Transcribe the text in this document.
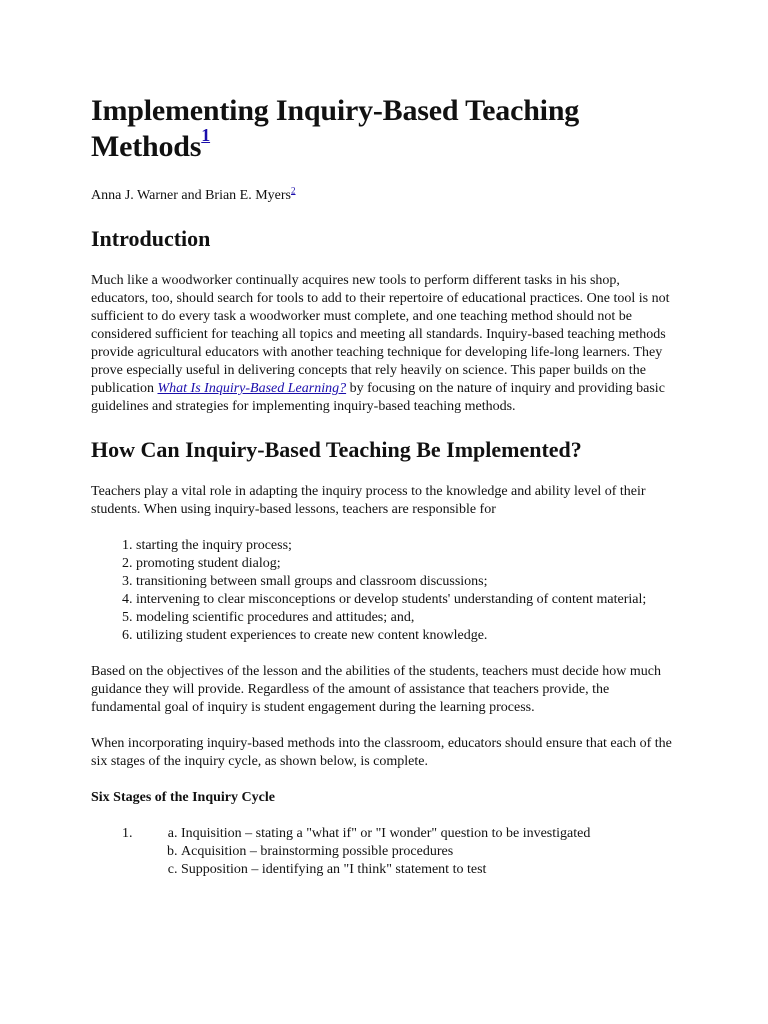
Implementing Inquiry-Based Teaching Methods$^1$

Anna J. Warner and Brian E. Myers$^2$

Introduction

Much like a woodworker continually acquires new tools to perform different tasks in his shop, educators, too, should search for tools to add to their repertoire of educational practices. One tool is not sufficient to do every task a woodworker must complete, and one teaching method should not be considered sufficient for teaching all topics and meeting all standards. Inquiry-based teaching methods provide agricultural educators with another teaching technique for developing life-long learners. They prove especially useful in delivering concepts that rely heavily on science. This paper builds on the publication What Is Inquiry-Based Learning? by focusing on the nature of inquiry and providing basic guidelines and strategies for implementing inquiry-based teaching methods.

How Can Inquiry-Based Teaching Be Implemented?

Teachers play a vital role in adapting the inquiry process to the knowledge and ability level of their students. When using inquiry-based lessons, teachers are responsible for

1. starting the inquiry process;
2. promoting student dialog;
3. transitioning between small groups and classroom discussions;
4. intervening to clear misconceptions or develop students' understanding of content material;
5. modeling scientific procedures and attitudes; and,
6. utilizing student experiences to create new content knowledge.

Based on the objectives of the lesson and the abilities of the students, teachers must decide how much guidance they will provide. Regardless of the amount of assistance that teachers provide, the fundamental goal of inquiry is student engagement during the learning process.

When incorporating inquiry-based methods into the classroom, educators should ensure that each of the six stages of the inquiry cycle, as shown below, is complete.

Six Stages of the Inquiry Cycle

a. 1. Inquisition – stating a "what if" or "I wonder" question to be investigated
b. Acquisition – brainstorming possible procedures
c. Supposition – identifying an "I think" statement to test
